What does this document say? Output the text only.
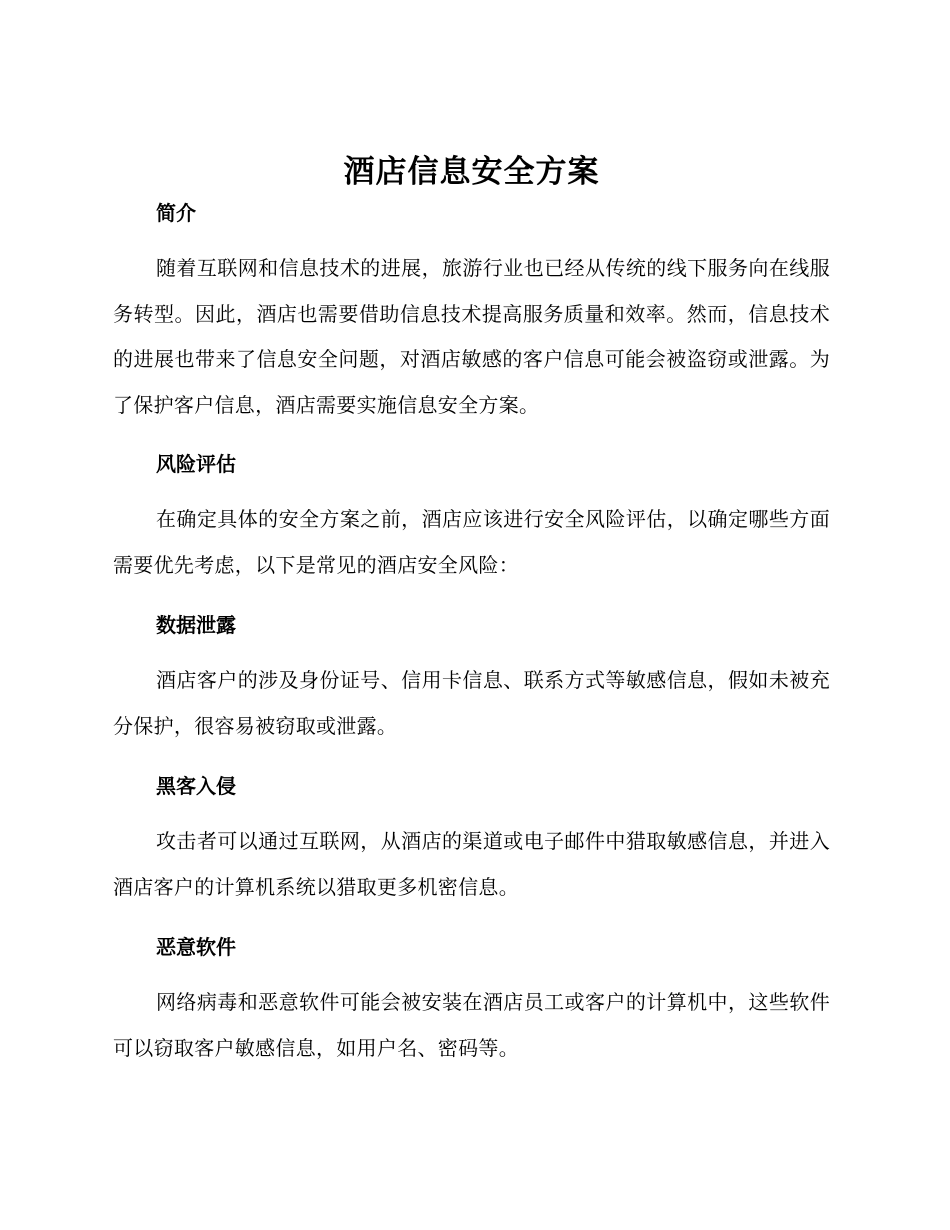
酒店信息安全方案
简介

随着互联网和信息技术的进展，旅游行业也已经从传统的线下服务向在线服务转型。因此，酒店也需要借助信息技术提高服务质量和效率。然而，信息技术的进展也带来了信息安全问题，对酒店敏感的客户信息可能会被盗窃或泄露。为了保护客户信息，酒店需要实施信息安全方案。

风险评估

在确定具体的安全方案之前，酒店应该进行安全风险评估，以确定哪些方面需要优先考虑，以下是常见的酒店安全风险：

数据泄露

酒店客户的涉及身份证号、信用卡信息、联系方式等敏感信息，假如未被充分保护，很容易被窃取或泄露。

黑客入侵

攻击者可以通过互联网，从酒店的渠道或电子邮件中猎取敏感信息，并进入酒店客户的计算机系统以猎取更多机密信息。

恶意软件

网络病毒和恶意软件可能会被安装在酒店员工或客户的计算机中，这些软件可以窃取客户敏感信息，如用户名、密码等。
